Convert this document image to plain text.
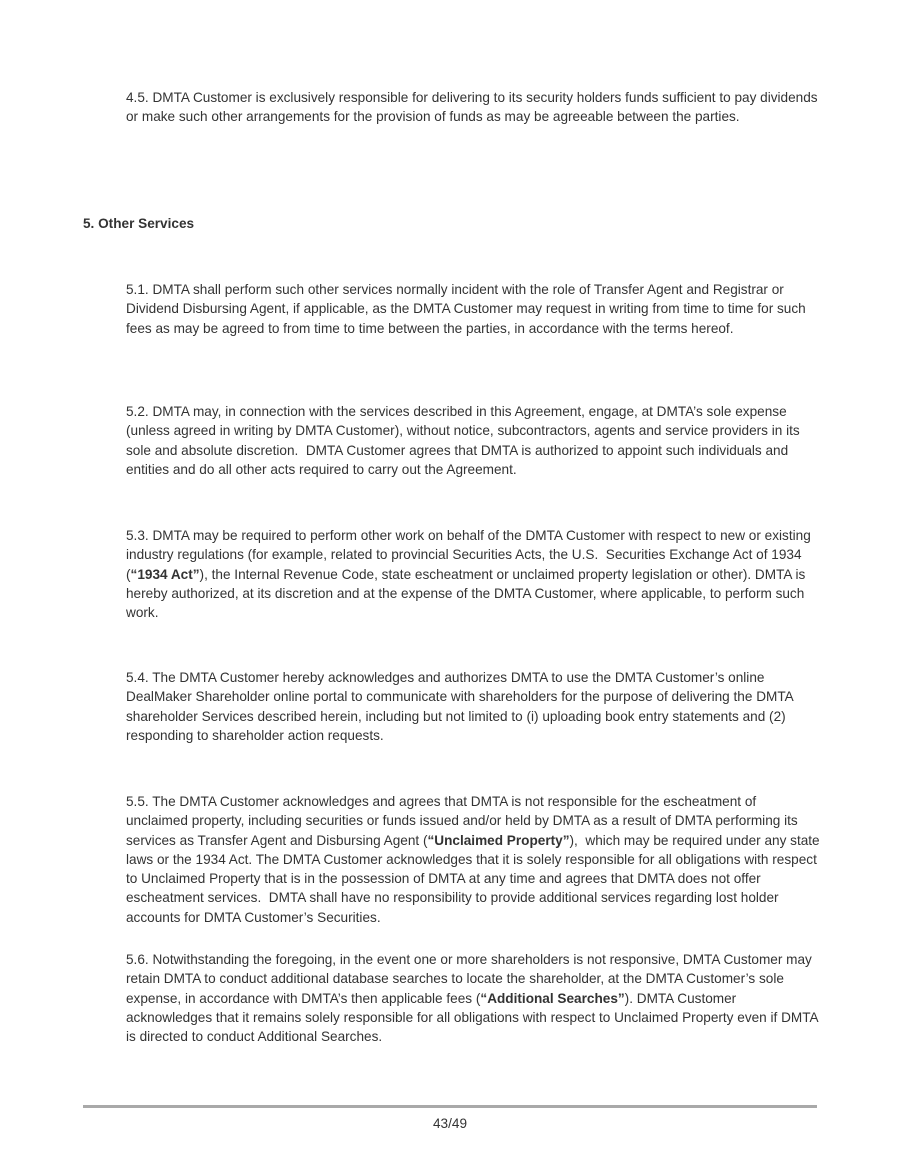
4.5. DMTA Customer is exclusively responsible for delivering to its security holders funds sufficient to pay dividends or make such other arrangements for the provision of funds as may be agreeable between the parties.
5. Other Services
5.1. DMTA shall perform such other services normally incident with the role of Transfer Agent and Registrar or Dividend Disbursing Agent, if applicable, as the DMTA Customer may request in writing from time to time for such fees as may be agreed to from time to time between the parties, in accordance with the terms hereof.
5.2. DMTA may, in connection with the services described in this Agreement, engage, at DMTA’s sole expense (unless agreed in writing by DMTA Customer), without notice, subcontractors, agents and service providers in its sole and absolute discretion.  DMTA Customer agrees that DMTA is authorized to appoint such individuals and entities and do all other acts required to carry out the Agreement.
5.3. DMTA may be required to perform other work on behalf of the DMTA Customer with respect to new or existing industry regulations (for example, related to provincial Securities Acts, the U.S.  Securities Exchange Act of 1934 (“1934 Act”), the Internal Revenue Code, state escheatment or unclaimed property legislation or other). DMTA is hereby authorized, at its discretion and at the expense of the DMTA Customer, where applicable, to perform such work.
5.4. The DMTA Customer hereby acknowledges and authorizes DMTA to use the DMTA Customer’s online DealMaker Shareholder online portal to communicate with shareholders for the purpose of delivering the DMTA shareholder Services described herein, including but not limited to (i) uploading book entry statements and (2) responding to shareholder action requests.
5.5. The DMTA Customer acknowledges and agrees that DMTA is not responsible for the escheatment of unclaimed property, including securities or funds issued and/or held by DMTA as a result of DMTA performing its services as Transfer Agent and Disbursing Agent (“Unclaimed Property”),  which may be required under any state laws or the 1934 Act. The DMTA Customer acknowledges that it is solely responsible for all obligations with respect to Unclaimed Property that is in the possession of DMTA at any time and agrees that DMTA does not offer escheatment services.  DMTA shall have no responsibility to provide additional services regarding lost holder accounts for DMTA Customer’s Securities.
5.6. Notwithstanding the foregoing, in the event one or more shareholders is not responsive, DMTA Customer may retain DMTA to conduct additional database searches to locate the shareholder, at the DMTA Customer’s sole expense, in accordance with DMTA’s then applicable fees (“Additional Searches”). DMTA Customer acknowledges that it remains solely responsible for all obligations with respect to Unclaimed Property even if DMTA is directed to conduct Additional Searches.
43/49
